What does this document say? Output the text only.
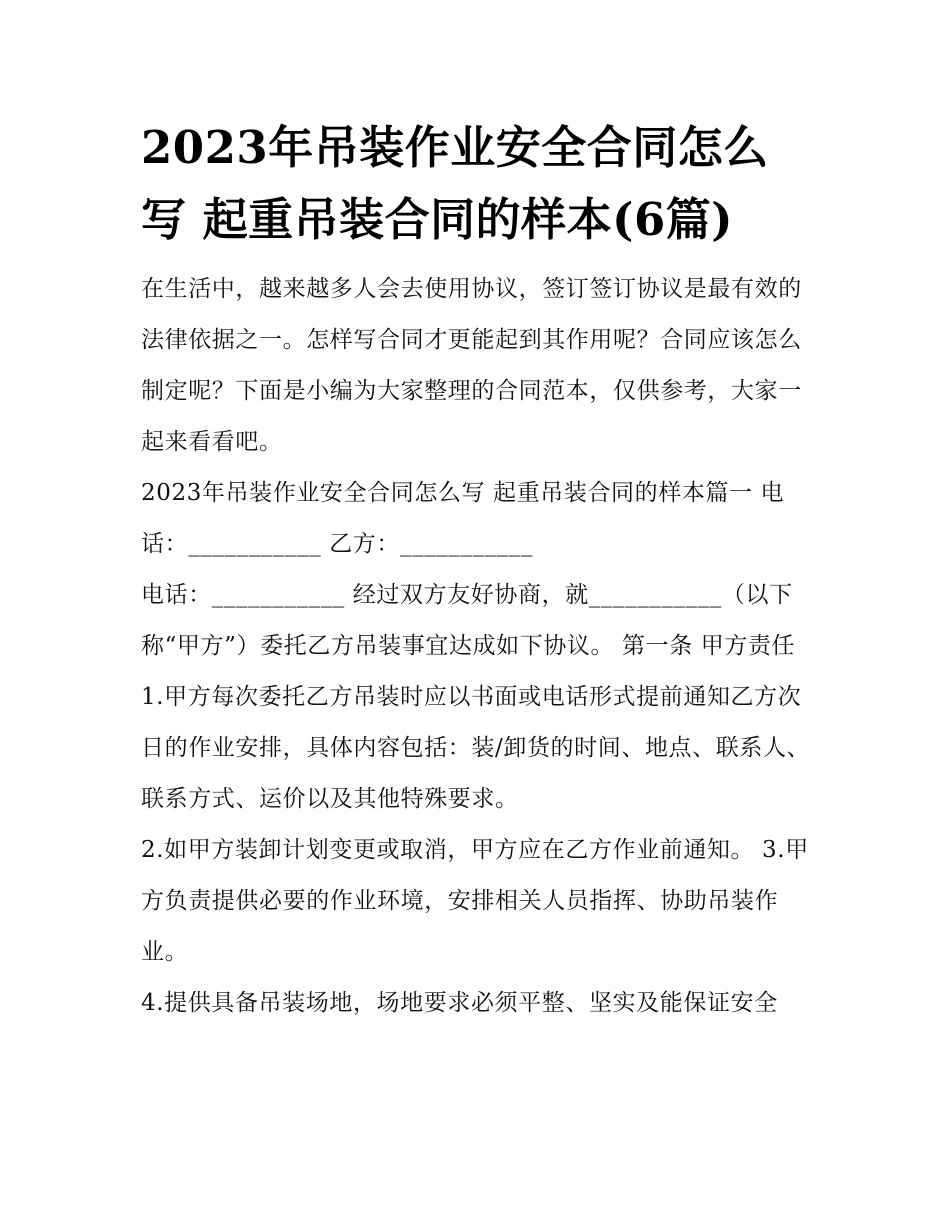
2023年吊装作业安全合同怎么写 起重吊装合同的样本(6篇)

在生活中，越来越多人会去使用协议，签订签订协议是最有效的法律依据之一。怎样写合同才更能起到其作用呢？合同应该怎么制定呢？下面是小编为大家整理的合同范本，仅供参考，大家一起来看看吧。

2023年吊装作业安全合同怎么写 起重吊装合同的样本篇一 电话：___________ 乙方：___________

电话：___________ 经过双方友好协商，就___________（以下称“甲方”）委托乙方吊装事宜达成如下协议。 第一条 甲方责任

1.甲方每次委托乙方吊装时应以书面或电话形式提前通知乙方次日的作业安排，具体内容包括：装/卸货的时间、地点、联系人、联系方式、运价以及其他特殊要求。

2.如甲方装卸计划变更或取消，甲方应在乙方作业前通知。 3.甲方负责提供必要的作业环境，安排相关人员指挥、协助吊装作业。

4.提供具备吊装场地，场地要求必须平整、坚实及能保证安全
